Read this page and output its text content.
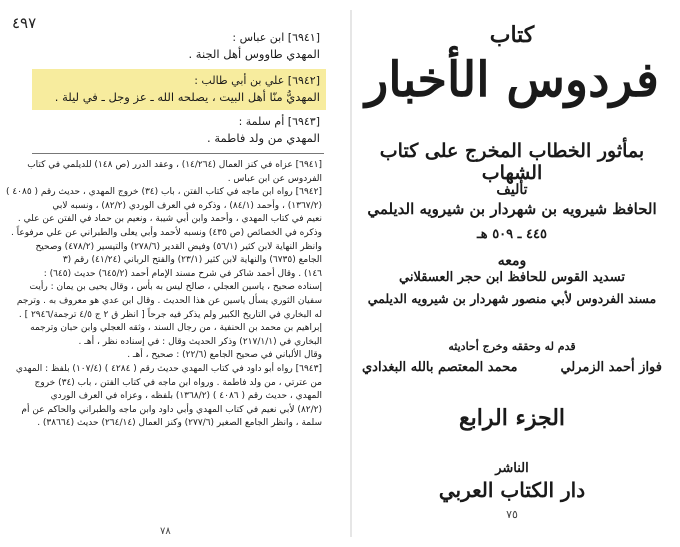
٤٩٧
[٦٩٤١] ابن عباس :
المهدي طاووس أهل الجنة .
[٦٩٤٢] علي بن أبي طالب :
المهديُّ منّا أهل البيت ، يصلحه الله ـ عز وجل ـ في ليلة .
[٦٩٤٣] أم سلمة :
المهدي من ولد فاطمة .
[٦٩٤١] عزاه في كنز العمال (١٤/٢٦٤) ، وعقد الدرر (ص ١٤٨) للديلمي في كتاب
الفردوس عن ابن عباس .
[٦٩٤٢] رواه ابن ماجه في كتاب الفتن ، باب (٣٤) خروج المهدي ، حديث رقم ( ٤٠٨٥ )
(١٣٦٧/٢) ، وأحمد (٨٤/١) ، وذكره في العرف الوردي (٨٢/٢) ، ونسبه لابي
نعيم في كتاب المهدي ، وأحمد وابن أبي شيبة ، ونعيم بن حماد في الفتن عن علي .
وذكره في الخصائص (ص ٤٣٥) ونسبه لأحمد وأبي يعلى والطبراني عن علي مرفوعاً .
وانظر النهاية لابن كثير (٥٦/١) وفيض القدير (٢٧٨/٦) والتيسير (٤٧٨/٢) وصحيح
الجامع (٦٧٣٥) والنهاية لابن كثير (٢٣/١) والفتح الرباني (٤١/٢٤) رقم (٣
١٤٦) . وقال أحمد شاكر في شرح مسند الإمام أحمد (٦٤٥/٢) حديث (٦٤٥) :
إسناده صحيح ، ياسين العجلي ، صالح ليس به بأس ، وقال يحيى بن يمان : رأيت
سفيان الثوري يسأل ياسين عن هذا الحديث . وقال ابن عدي هو معروف به . وترجم
له البخاري في التاريخ الكبير ولم يذكر فيه جرحاً [ انظر ق ٢ ج ٤/٥ ترجمة/٢٩٤٦ ] .
إبراهيم بن محمد بن الحنفية ، من رجال السند ، وثقه العجلي وابن حبان وترجمه
البخاري في (٢١٧/١/١) وذكر الحديث وقال : في إسناده نظر ، أهـ .
وقال الألباني في صحيح الجامع (٢٢/٦) : صحيح ، أهـ .
[٦٩٤٣] رواه أبو داود في كتاب المهدي حديث رقم ( ٤٢٨٤ ) (١٠٧/٤) بلفظ : المهدي
من عترتي ، من ولد فاطمة . ورواه ابن ماجه في كتاب الفتن ، باب (٣٤) خروج
المهدي ، حديث رقم ( ٤٠٨٦ ) (١٣٦٨/٢) بلفظه ، وعزاه في العرف الوردي
(٨٢/٢) لأبي نعيم في كتاب المهدي وأبي داود وابن ماجه والطبراني والحاكم عن أم
سلمة ، وانظر الجامع الصغير (٢٧٧/٦) وكنز العمال (٢٦٤/١٤) حديث (٣٨٦٦٤) .
٧٨
كتاب
فردوس الأخبار
بمأثور الخطاب المخرج على كتاب الشهاب
تأليف
الحافظ شيرويه بن شهردار بن شيرويه الديلمي
٤٤٥ ـ ٥٠٩ هـ
ومعه
تسديد القوس للحافظ ابن حجر العسقلاني
مسند الفردوس لأبي منصور شهردار بن شيرويه الديلمي
قدم له وحققه وخرج أحاديثه
فواز أحمد الزمرلي
محمد المعتصم بالله البغدادي
الجزء الرابع
الناشر
دار الكتاب العربي
٧٥
